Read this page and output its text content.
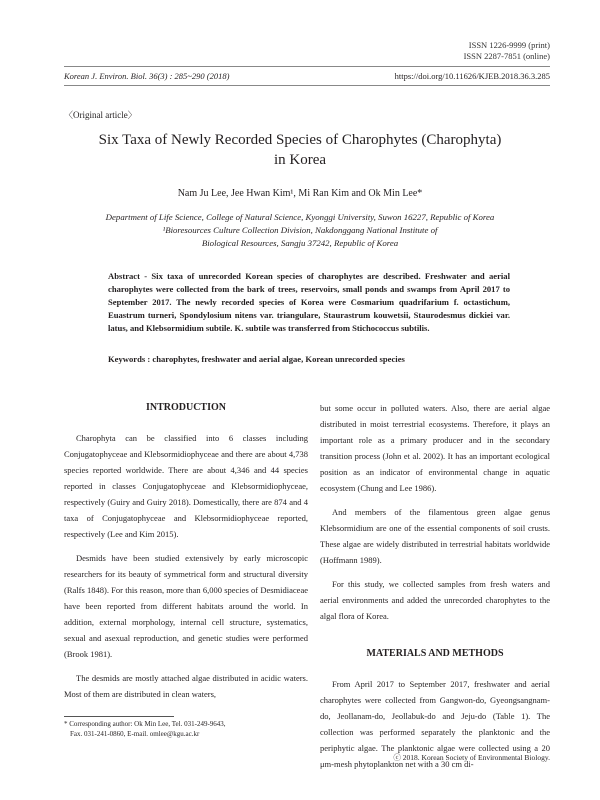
ISSN 1226-9999 (print)
ISSN 2287-7851 (online)
Korean J. Environ. Biol. 36(3) : 285~290 (2018)	https://doi.org/10.11626/KJEB.2018.36.3.285
〈Original article〉
Six Taxa of Newly Recorded Species of Charophytes (Charophyta)
in Korea
Nam Ju Lee, Jee Hwan Kim¹, Mi Ran Kim and Ok Min Lee*
Department of Life Science, College of Natural Science, Kyonggi University, Suwon 16227, Republic of Korea
¹Bioresources Culture Collection Division, Nakdonggang National Institute of
Biological Resources, Sangju 37242, Republic of Korea
Abstract - Six taxa of unrecorded Korean species of charophytes are described. Freshwater and aerial charophytes were collected from the bark of trees, reservoirs, small ponds and swamps from April 2017 to September 2017. The newly recorded species of Korea were Cosmarium quadrifarium f. octastichum, Euastrum turneri, Spondylosium nitens var. triangulare, Staurastrum kouwetsii, Staurodesmus dickiei var. latus, and Klebsormidium subtile. K. subtile was transferred from Stichococcus subtilis.
Keywords : charophytes, freshwater and aerial algae, Korean unrecorded species
INTRODUCTION

Charophyta can be classified into 6 classes including Conjugatophyceae and Klebsormidiophyceae and there are about 4,738 species reported worldwide. There are about 4,346 and 44 species reported in classes Conjugatophyceae and Klebsormidiophyceae, respectively (Guiry and Guiry 2018). Domestically, there are 874 and 4 taxa of Conjugatophyceae and Klebsormidiophyceae reported, respectively (Lee and Kim 2015).

Desmids have been studied extensively by early microscopic researchers for its beauty of symmetrical form and structural diversity (Ralfs 1848). For this reason, more than 6,000 species of Desmidiaceae have been reported from different habitats around the world. In addition, external morphology, internal cell structure, systematics, sexual and asexual reproduction, and genetic studies were performed (Brook 1981).

The desmids are mostly attached algae distributed in acidic waters. Most of them are distributed in clean waters,

but some occur in polluted waters. Also, there are aerial algae distributed in moist terrestrial ecosystems. Therefore, it plays an important role as a primary producer and in the secondary transition process (John et al. 2002). It has an important ecological position as an indicator of environmental change in aquatic ecosystem (Chung and Lee 1986).

And members of the filamentous green algae genus Klebsormidium are one of the essential components of soil crusts. These algae are widely distributed in terrestrial habitats worldwide (Hoffmann 1989).

For this study, we collected samples from fresh waters and aerial environments and added the unrecorded charophytes to the algal flora of Korea.

MATERIALS AND METHODS

From April 2017 to September 2017, freshwater and aerial charophytes were collected from Gangwon-do, Gyeongsangnam-do, Jeollanam-do, Jeollabuk-do and Jeju-do (Table 1). The collection was performed separately the planktonic and the periphytic algae. The planktonic algae were collected using a 20 μm-mesh phytoplankton net with a 30 cm di-

* Corresponding author: Ok Min Lee, Tel. 031-249-9643,
Fax. 031-241-0860, E-mail. omlee@kgu.ac.kr
ⓒ 2018. Korean Society of Environmental Biology.
